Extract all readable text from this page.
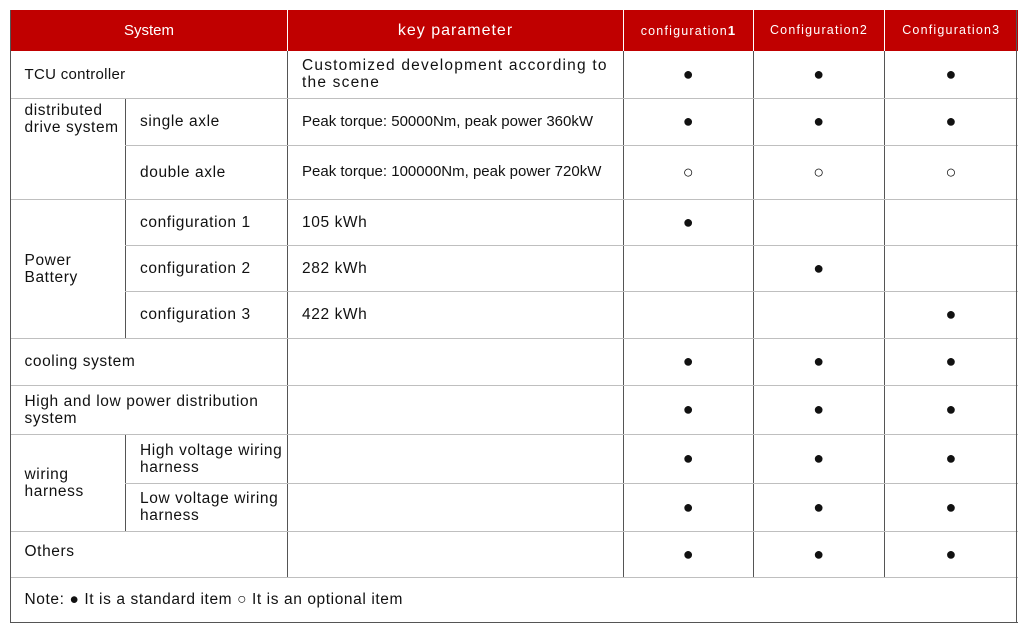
System		key parameter	configuration1	Configuration2	Configuration3
TCU controller		Customized development according to the scene	●	●	●
distributed drive system	single axle	Peak torque: 50000Nm, peak power 360kW	●	●	●
	double axle	Peak torque: 100000Nm, peak power 720kW	○	○	○
Power Battery	configuration 1	105 kWh	●		
	configuration 2	282 kWh		●	
	configuration 3	422 kWh			●
cooling system			●	●	●
High and low power distribution system			●	●	●
wiring harness	High voltage wiring harness		●	●	●
	Low voltage wiring harness		●	●	●
Others			●	●	●
Note: ● It is a standard item ○ It is an optional item					
